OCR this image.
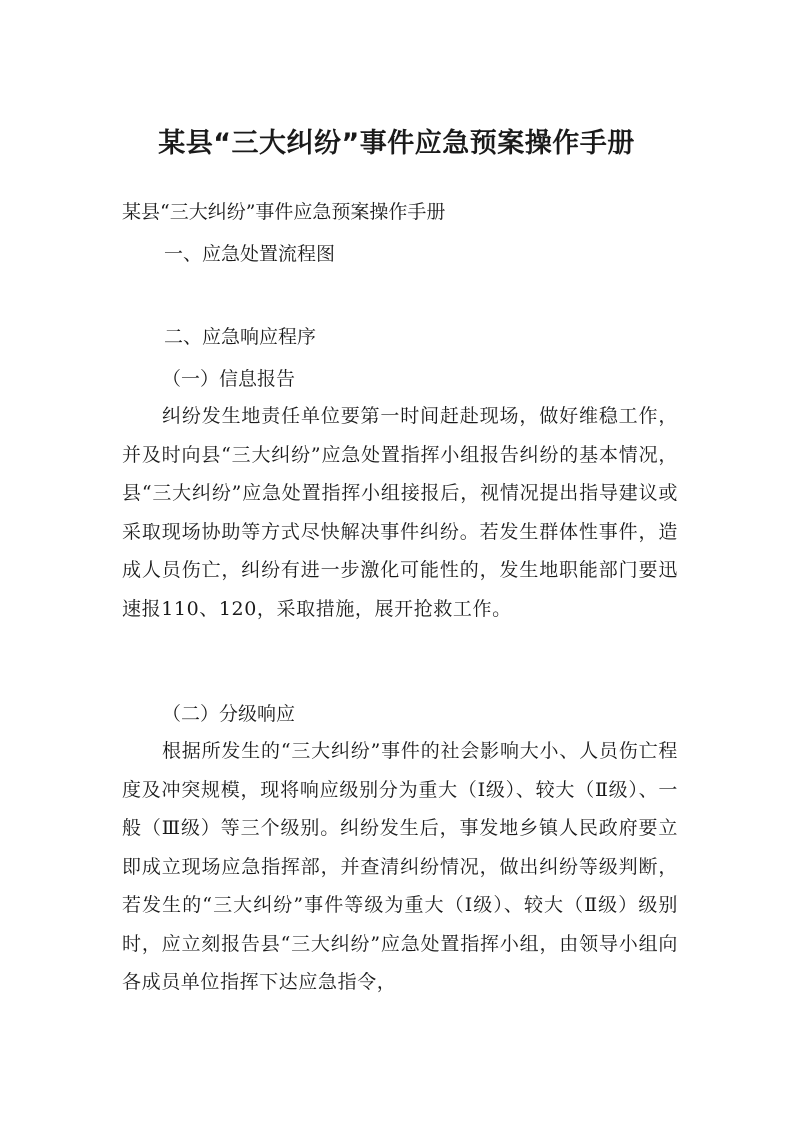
某县“三大纠纷”事件应急预案操作手册

某县“三大纠纷”事件应急预案操作手册

一、应急处置流程图

二、应急响应程序

（一）信息报告

纠纷发生地责任单位要第一时间赶赴现场，做好维稳工作，并及时向县“三大纠纷”应急处置指挥小组报告纠纷的基本情况，县“三大纠纷”应急处置指挥小组接报后，视情况提出指导建议或采取现场协助等方式尽快解决事件纠纷。若发生群体性事件，造成人员伤亡，纠纷有进一步激化可能性的，发生地职能部门要迅速报110、120，采取措施，展开抢救工作。

（二）分级响应

根据所发生的“三大纠纷”事件的社会影响大小、人员伤亡程度及冲突规模，现将响应级别分为重大（Ⅰ级）、较大（Ⅱ级）、一般（Ⅲ级）等三个级别。纠纷发生后，事发地乡镇人民政府要立即成立现场应急指挥部，并查清纠纷情况，做出纠纷等级判断，若发生的“三大纠纷”事件等级为重大（Ⅰ级）、较大（Ⅱ级）级别时，应立刻报告县“三大纠纷”应急处置指挥小组，由领导小组向各成员单位指挥下达应急指令，
